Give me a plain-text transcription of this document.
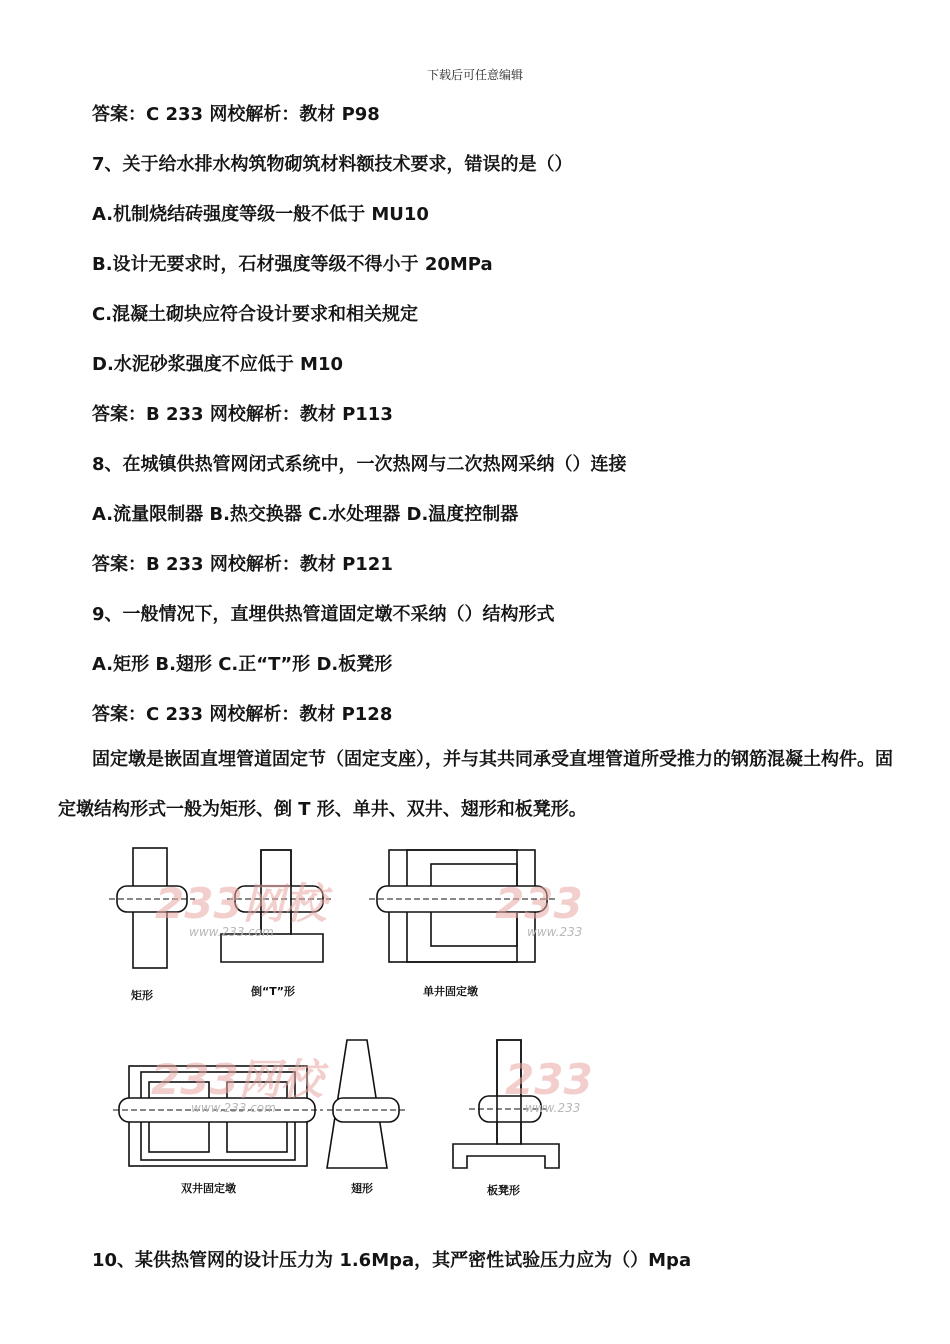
下载后可任意编辑
答案：C 233 网校解析：教材 P98
7、关于给水排水构筑物砌筑材料额技术要求，错误的是（）
A.机制烧结砖强度等级一般不低于 MU10
B.设计无要求时，石材强度等级不得小于 20MPa
C.混凝土砌块应符合设计要求和相关规定
D.水泥砂浆强度不应低于 M10
答案：B 233 网校解析：教材 P113
8、在城镇供热管网闭式系统中，一次热网与二次热网采纳（）连接
A.流量限制器 B.热交换器 C.水处理器 D.温度控制器
答案：B 233 网校解析：教材 P121
9、一般情况下，直埋供热管道固定墩不采纳（）结构形式
A.矩形 B.翅形 C.正“T”形 D.板凳形
答案：C 233 网校解析：教材 P128
固定墩是嵌固直埋管道固定节（固定支座），并与其共同承受直埋管道所受推力的钢筋混凝土构件。固定墩结构形式一般为矩形、倒 T 形、单井、双井、翅形和板凳形。
233网校
www.233.com
233
www.233
233网校
www.233.com
233
www.233
矩形	倒“T”形	单井固定墩
双井固定墩	翅形	板凳形
10、某供热管网的设计压力为 1.6Mpa，其严密性试验压力应为（）Mpa
